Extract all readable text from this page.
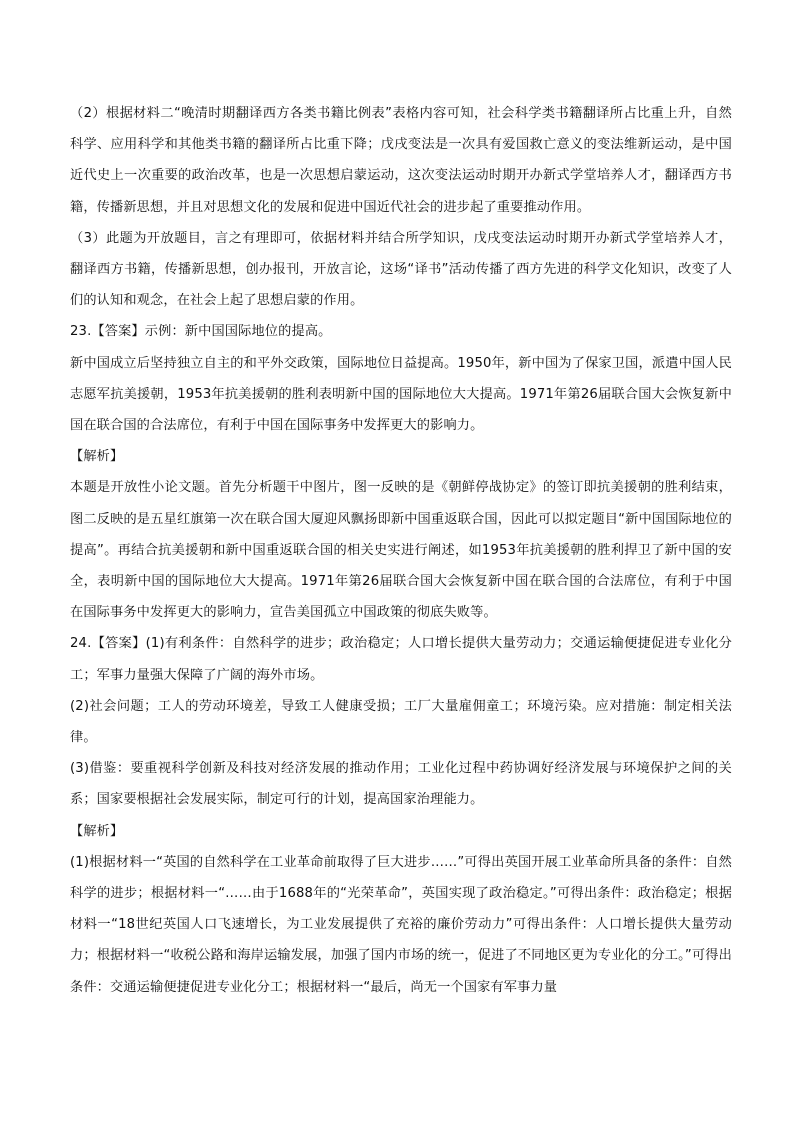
（2）根据材料二“晚清时期翻译西方各类书籍比例表”表格内容可知，社会科学类书籍翻译所占比重上升，自然科学、应用科学和其他类书籍的翻译所占比重下降；戊戌变法是一次具有爱国救亡意义的变法维新运动，是中国近代史上一次重要的政治改革，也是一次思想启蒙运动，这次变法运动时期开办新式学堂培养人才，翻译西方书籍，传播新思想，并且对思想文化的发展和促进中国近代社会的进步起了重要推动作用。

（3）此题为开放题目，言之有理即可，依据材料并结合所学知识，戊戌变法运动时期开办新式学堂培养人才，翻译西方书籍，传播新思想，创办报刊，开放言论，这场“译书”活动传播了西方先进的科学文化知识，改变了人们的认知和观念，在社会上起了思想启蒙的作用。

23.【答案】示例：新中国国际地位的提高。

新中国成立后坚持独立自主的和平外交政策，国际地位日益提高。1950年，新中国为了保家卫国，派遣中国人民志愿军抗美援朝，1953年抗美援朝的胜利表明新中国的国际地位大大提高。1971年第26届联合国大会恢复新中国在联合国的合法席位，有利于中国在国际事务中发挥更大的影响力。

【解析】

本题是开放性小论文题。首先分析题干中图片，图一反映的是《朝鲜停战协定》的签订即抗美援朝的胜利结束，图二反映的是五星红旗第一次在联合国大厦迎风飘扬即新中国重返联合国，因此可以拟定题目“新中国国际地位的提高”。再结合抗美援朝和新中国重返联合国的相关史实进行阐述，如1953年抗美援朝的胜利捍卫了新中国的安全，表明新中国的国际地位大大提高。1971年第26届联合国大会恢复新中国在联合国的合法席位，有利于中国在国际事务中发挥更大的影响力，宣告美国孤立中国政策的彻底失败等。

24.【答案】(1)有利条件：自然科学的进步；政治稳定；人口增长提供大量劳动力；交通运输便捷促进专业化分工；军事力量强大保障了广阔的海外市场。

(2)社会问题；工人的劳动环境差，导致工人健康受损；工厂大量雇佣童工；环境污染。应对措施：制定相关法律。

(3)借鉴：要重视科学创新及科技对经济发展的推动作用；工业化过程中药协调好经济发展与环境保护之间的关系；国家要根据社会发展实际，制定可行的计划，提高国家治理能力。

【解析】

(1)根据材料一“英国的自然科学在工业革命前取得了巨大进步……”可得出英国开展工业革命所具备的条件：自然科学的进步；根据材料一“……由于1688年的“光荣革命”，英国实现了政治稳定。”可得出条件：政治稳定；根据材料一“18世纪英国人口飞速增长，为工业发展提供了充裕的廉价劳动力”可得出条件：人口增长提供大量劳动力；根据材料一“收税公路和海岸运输发展，加强了国内市场的统一，促进了不同地区更为专业化的分工。”可得出条件：交通运输便捷促进专业化分工；根据材料一“最后，尚无一个国家有军事力量
